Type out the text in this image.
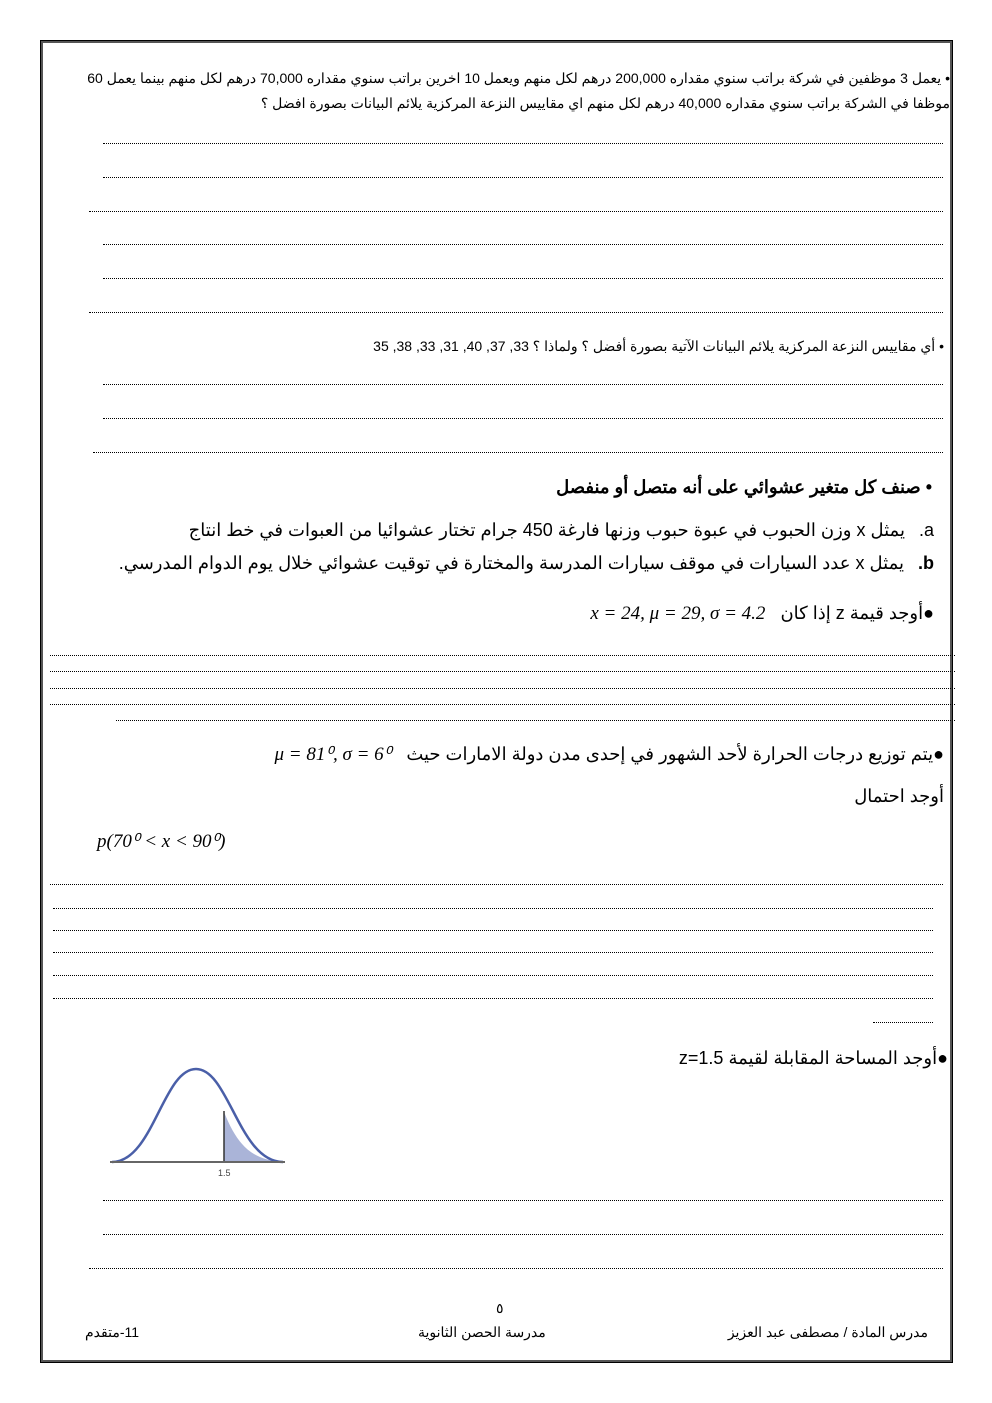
• يعمل 3 موظفين في شركة براتب سنوي مقداره 200,000 درهم لكل منهم ويعمل 10 اخرين براتب سنوي مقداره 70,000 درهم لكل منهم بينما يعمل 60
موظفا في الشركة براتب سنوي مقداره 40,000 درهم لكل منهم اي مقاييس النزعة المركزية يلائم البيانات بصورة افضل ؟
• أي مقاييس النزعة المركزية يلائم البيانات الآتية بصورة أفضل ؟ ولماذا ؟ 33, 37, 40, 31, 33, 38, 35
• صنف كل متغير عشوائي على أنه متصل أو منفصل
a.يمثل x وزن الحبوب في عبوة حبوب وزنها فارغة 450 جرام تختار عشوائيا من العبوات في خط انتاج
b.يمثل x عدد السيارات في موقف سيارات المدرسة والمختارة في توقيت عشوائي خلال يوم الدوام المدرسي.
●أوجد قيمة z إذا كان x = 24, μ = 29, σ = 4.2
●يتم توزيع درجات الحرارة لأحد الشهور في إحدى مدن دولة الامارات حيث μ = 81⁰, σ = 6⁰
أوجد احتمال
p(70⁰ < x < 90⁰)
●أوجد المساحة المقابلة لقيمة z=1.5
1.5
٥
مدرس المادة / مصطفى عبد العزيز
مدرسة الحصن الثانوية
11-متقدم
